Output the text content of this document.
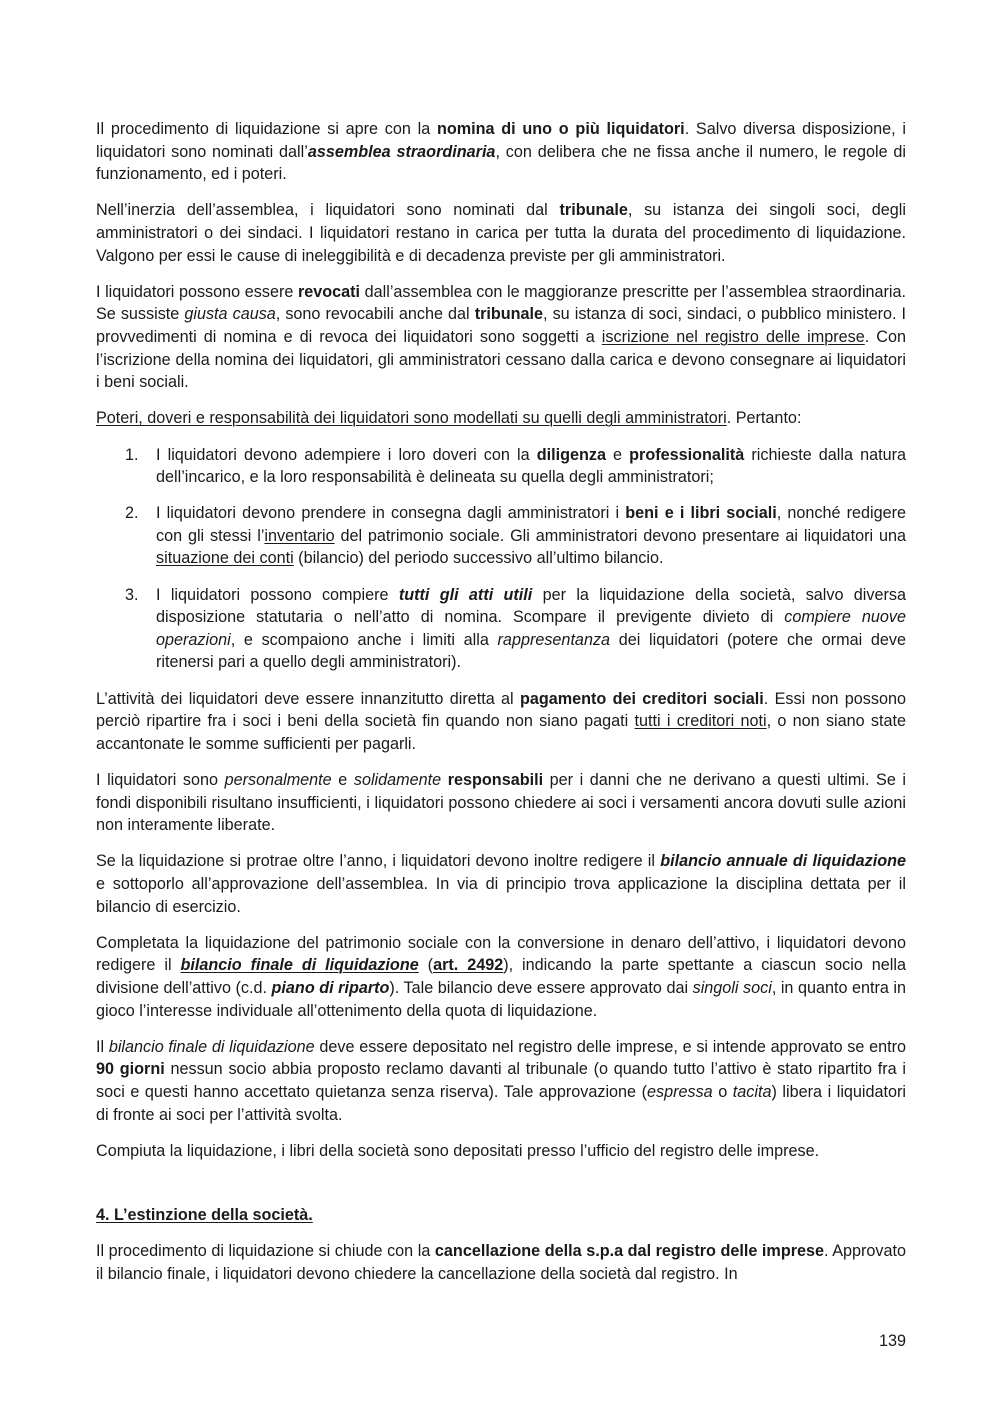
Il procedimento di liquidazione si apre con la nomina di uno o più liquidatori. Salvo diversa disposizione, i liquidatori sono nominati dall’assemblea straordinaria, con delibera che ne fissa anche il numero, le regole di funzionamento, ed i poteri.

Nell’inerzia dell’assemblea, i liquidatori sono nominati dal tribunale, su istanza dei singoli soci, degli amministratori o dei sindaci. I liquidatori restano in carica per tutta la durata del procedimento di liquidazione. Valgono per essi le cause di ineleggibilità e di decadenza previste per gli amministratori.

I liquidatori possono essere revocati dall’assemblea con le maggioranze prescritte per l’assemblea straordinaria. Se sussiste giusta causa, sono revocabili anche dal tribunale, su istanza di soci, sindaci, o pubblico ministero. I provvedimenti di nomina e di revoca dei liquidatori sono soggetti a iscrizione nel registro delle imprese. Con l’iscrizione della nomina dei liquidatori, gli amministratori cessano dalla carica e devono consegnare ai liquidatori i beni sociali.

Poteri, doveri e responsabilità dei liquidatori sono modellati su quelli degli amministratori. Pertanto:

1. I liquidatori devono adempiere i loro doveri con la diligenza e professionalità richieste dalla natura dell’incarico, e la loro responsabilità è delineata su quella degli amministratori;
2. I liquidatori devono prendere in consegna dagli amministratori i beni e i libri sociali, nonché redigere con gli stessi l’inventario del patrimonio sociale. Gli amministratori devono presentare ai liquidatori una situazione dei conti (bilancio) del periodo successivo all’ultimo bilancio.
3. I liquidatori possono compiere tutti gli atti utili per la liquidazione della società, salvo diversa disposizione statutaria o nell’atto di nomina. Scompare il previgente divieto di compiere nuove operazioni, e scompaiono anche i limiti alla rappresentanza dei liquidatori (potere che ormai deve ritenersi pari a quello degli amministratori).

L’attività dei liquidatori deve essere innanzitutto diretta al pagamento dei creditori sociali. Essi non possono perciò ripartire fra i soci i beni della società fin quando non siano pagati tutti i creditori noti, o non siano state accantonate le somme sufficienti per pagarli.

I liquidatori sono personalmente e solidamente responsabili per i danni che ne derivano a questi ultimi. Se i fondi disponibili risultano insufficienti, i liquidatori possono chiedere ai soci i versamenti ancora dovuti sulle azioni non interamente liberate.

Se la liquidazione si protrae oltre l’anno, i liquidatori devono inoltre redigere il bilancio annuale di liquidazione e sottoporlo all’approvazione dell’assemblea. In via di principio trova applicazione la disciplina dettata per il bilancio di esercizio.

Completata la liquidazione del patrimonio sociale con la conversione in denaro dell’attivo, i liquidatori devono redigere il bilancio finale di liquidazione (art. 2492), indicando la parte spettante a ciascun socio nella divisione dell’attivo (c.d. piano di riparto). Tale bilancio deve essere approvato dai singoli soci, in quanto entra in gioco l’interesse individuale all’ottenimento della quota di liquidazione.

Il bilancio finale di liquidazione deve essere depositato nel registro delle imprese, e si intende approvato se entro 90 giorni nessun socio abbia proposto reclamo davanti al tribunale (o quando tutto l’attivo è stato ripartito fra i soci e questi hanno accettato quietanza senza riserva). Tale approvazione (espressa o tacita) libera i liquidatori di fronte ai soci per l’attività svolta.

Compiuta la liquidazione, i libri della società sono depositati presso l’ufficio del registro delle imprese.

4. L’estinzione della società.

Il procedimento di liquidazione si chiude con la cancellazione della s.p.a dal registro delle imprese. Approvato il bilancio finale, i liquidatori devono chiedere la cancellazione della società dal registro. In

139
